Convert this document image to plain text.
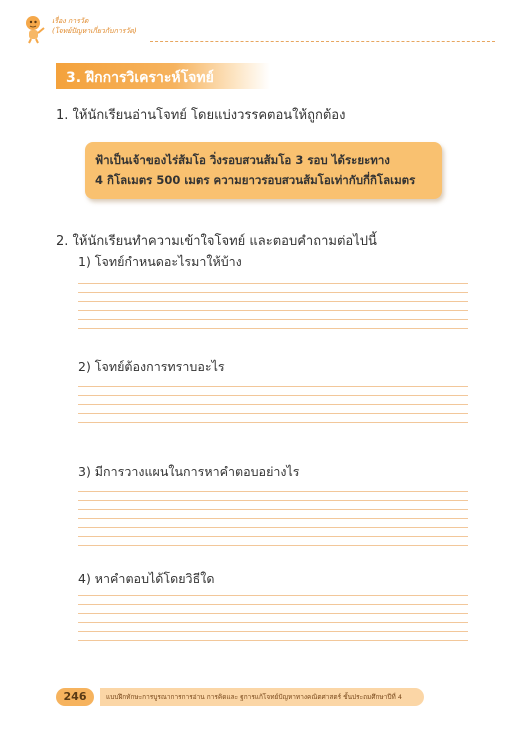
เรื่อง การวัด
(โจทย์ปัญหาเกี่ยวกับการวัด)
3. ฝึกการวิเคราะห์โจทย์
1. ให้นักเรียนอ่านโจทย์ โดยแบ่งวรรคตอนให้ถูกต้อง
ฟ้าเป็นเจ้าของไร่ส้มโอ วิ่งรอบสวนส้มโอ 3 รอบ ได้ระยะทาง
4 กิโลเมตร 500 เมตร ความยาวรอบสวนส้มโอเท่ากับกี่กิโลเมตร
2. ให้นักเรียนทำความเข้าใจโจทย์ และตอบคำถามต่อไปนี้
1) โจทย์กำหนดอะไรมาให้บ้าง
2) โจทย์ต้องการทราบอะไร
3) มีการวางแผนในการหาคำตอบอย่างไร
4) หาคำตอบได้โดยวิธีใด
246	แบบฝึกทักษะการบูรณาการการอ่าน การคิดและ ฐการแก้โจทย์ปัญหาทางคณิตศาสตร์ ชั้นประถมศึกษาปีที่ 4
